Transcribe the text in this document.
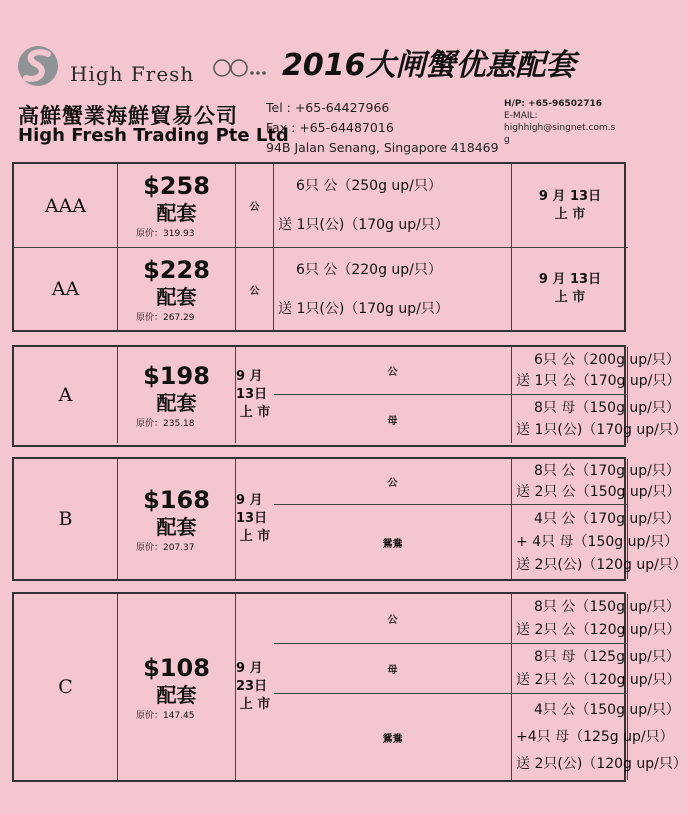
High Fresh
高鮮蟹業海鮮貿易公司
High Fresh Trading Pte Ltd
2016大闸蟹优惠配套
Tel : +65-64427966
Fax : +65-64487016
94B Jalan Senang, Singapore 418469
H/P: +65-96502716
E-MAIL:
highhigh@singnet.com.s
g
AAA
$258
配套
原价：319.93
公
6只 公（250g up/只）
送 1只(公)（170g up/只）
9 月 13日
上 市
AA
$228
配套
原价：267.29
公
6只 公（220g up/只）
送 1只(公)（170g up/只）
9 月 13日
上 市
A
$198
配套
原价：235.18
公
6只 公（200g up/只）
送 1只 公（170g up/只）
9 月 13日
上 市
母
8只 母（150g up/只）
送 1只(公)（170g up/只）
B
$168
配套
原价：207.37
公
8只 公（170g up/只）
送 2只 公（150g up/只）
9 月 13日
上 市	鴛鴦
4只 公（170g up/只）
+ 4只 母（150g up/只）
送 2只(公)（120g up/只）
C
$108
配套
原价：147.45
公
8只 公（150g up/只）
送 2只 公（120g up/只）
9 月 23日
上 市
母
8只 母（125g up/只）
送 2只 公（120g up/只）
鴛鴦
4只 公（150g up/只）
+4只 母（125g up/只）
送 2只(公)（120g up/只）
